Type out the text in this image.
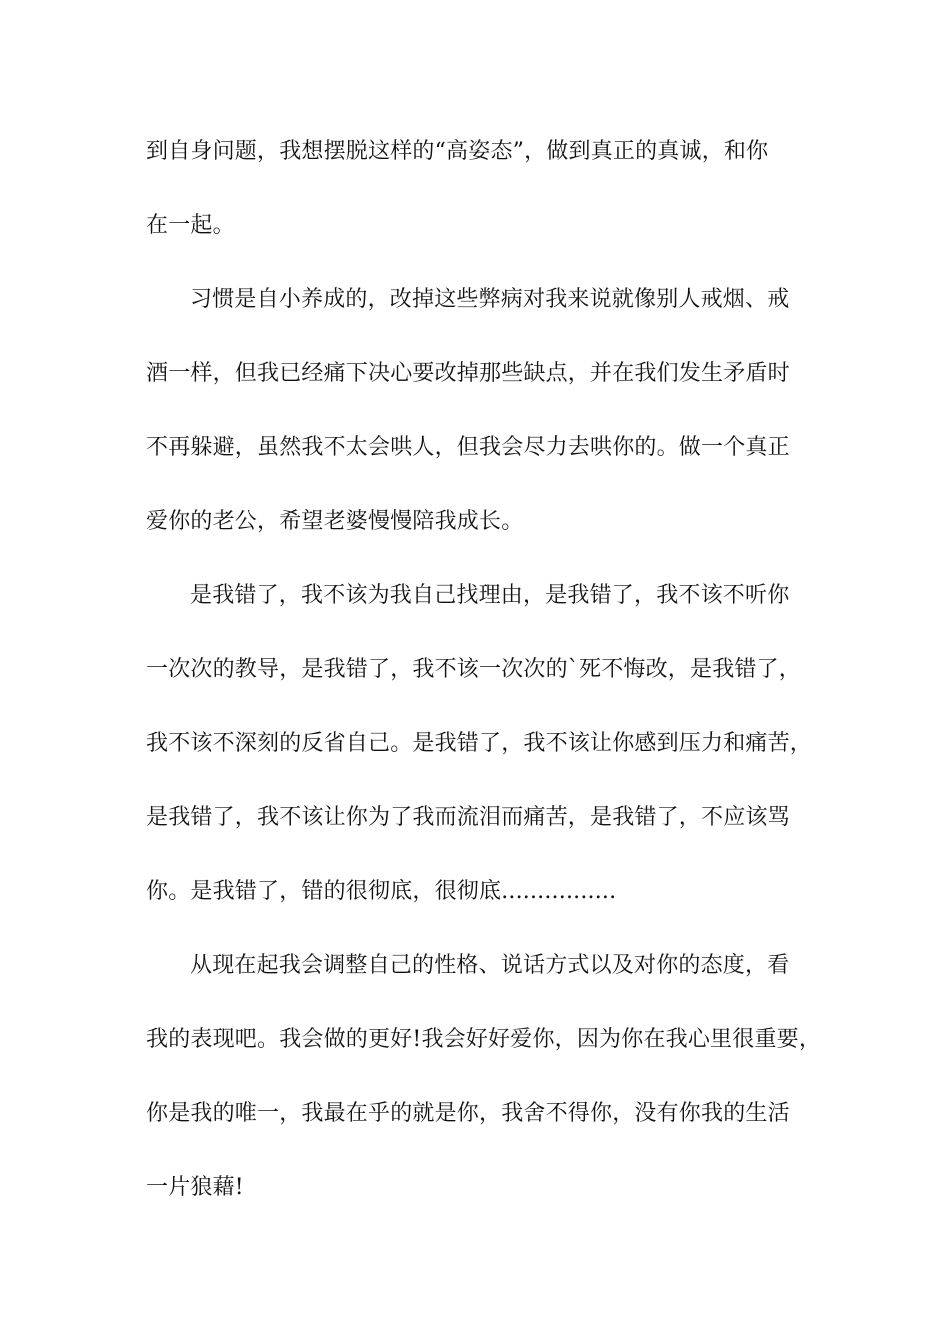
到自身问题，我想摆脱这样的“高姿态”，做到真正的真诚，和你
在一起。
习惯是自小养成的，改掉这些弊病对我来说就像别人戒烟、戒
酒一样，但我已经痛下决心要改掉那些缺点，并在我们发生矛盾时
不再躲避，虽然我不太会哄人，但我会尽力去哄你的。做一个真正
爱你的老公，希望老婆慢慢陪我成长。
是我错了，我不该为我自己找理由，是我错了，我不该不听你
一次次的教导，是我错了，我不该一次次的`死不悔改，是我错了，
我不该不深刻的反省自己。是我错了，我不该让你感到压力和痛苦，
是我错了，我不该让你为了我而流泪而痛苦，是我错了，不应该骂
你。是我错了，错的很彻底，很彻底................
从现在起我会调整自己的性格、说话方式以及对你的态度，看
我的表现吧。我会做的更好!我会好好爱你，因为你在我心里很重要，
你是我的唯一，我最在乎的就是你，我舍不得你，没有你我的生活
一片狼藉!
